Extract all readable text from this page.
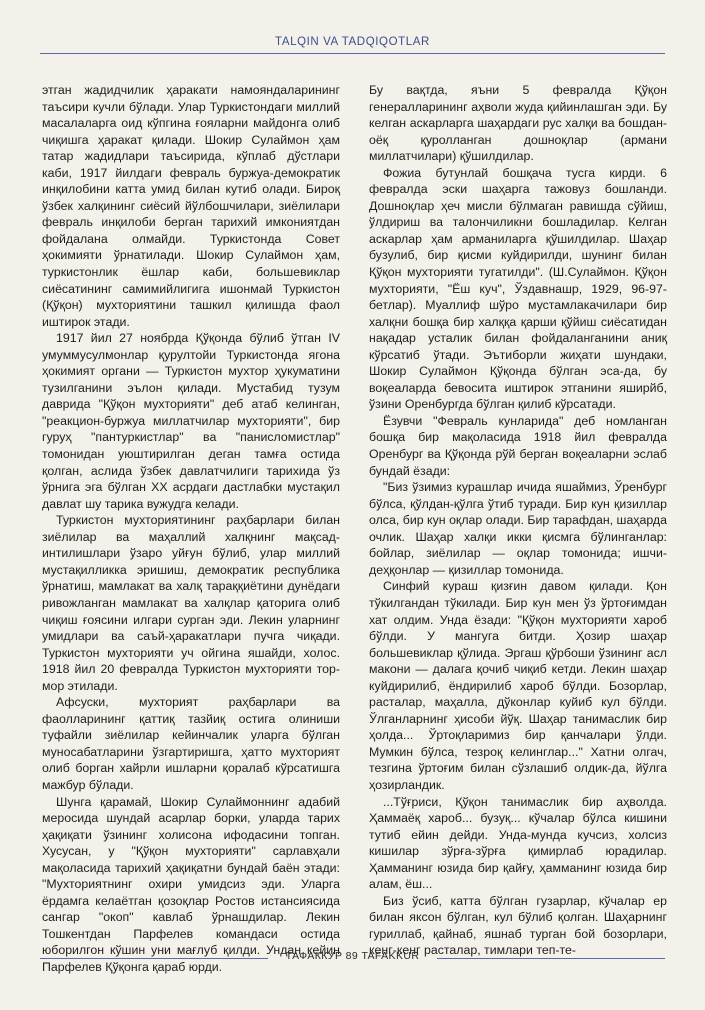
TALQIN VA TADQIQOTLAR

этган жадидчилик ҳаракати намояндаларининг таъсири кучли бўлади. Улар Туркистондаги миллий масалаларга оид кўпгина ғояларни майдонга олиб чиқишга ҳаракат қилади. Шокир Сулаймон ҳам татар жадидлари таъсирида, кўплаб дўстлари каби, 1917 йилдаги февраль буржуа-демократик инқилобини катта умид билан кутиб олади. Бироқ ўзбек халқининг сиёсий йўлбошчилари, зиёлилари февраль инқилоби берган тарихий имкониятдан фойдалана олмайди. Туркистонда Совет ҳокимияти ўрнатилади. Шокир Сулаймон ҳам, туркистонлик ёшлар каби, большевиклар сиёсатининг самимийлигига ишонмай Туркистон (Қўқон) мухториятини ташкил қилишда фаол иштирок этади.

1917 йил 27 ноябрда Қўқонда бўлиб ўтган IV умуммусулмонлар қурултойи Туркистонда ягона ҳокимият органи — Туркистон мухтор ҳукуматини тузилганини эълон қилади. Мустабид тузум даврида "Қўқон мухторияти" деб атаб келинган, "реакцион-буржуа миллатчилар мухторияти", бир гуруҳ "пантуркистлар" ва "панисломистлар" томонидан уюштирилган деган тамға остида қолган, аслида ўзбек давлатчилиги тарихида ўз ўрнига эга бўлган XX асрдаги дастлабки мустақил давлат шу тарика вужудга келади.

Туркистон мухториятининг раҳбарлари билан зиёлилар ва маҳаллий халқнинг мақсад-интилишлари ўзаро уйғун бўлиб, улар миллий мустақилликка эришиш, демократик республика ўрнатиш, мамлакат ва халқ тараққиётини дунёдаги ривожланган мамлакат ва халқлар қаторига олиб чиқиш ғоясини илгари сурган эди. Лекин уларнинг умидлари ва саъй-ҳаракатлари пучга чиқади. Туркистон мухторияти уч ойгина яшайди, холос. 1918 йил 20 февралда Туркистон мухторияти тор-мор этилади.

Афсуски, мухторият раҳбарлари ва фаолларининг қаттиқ тазйиқ остига олиниши туфайли зиёлилар кейинчалик уларга бўлган муносабатларини ўзгартиришга, ҳатто мухторият олиб борган хайрли ишларни қоралаб кўрсатишга мажбур бўлади.

Шунга қарамай, Шокир Сулаймоннинг адабий меросида шундай асарлар борки, уларда тарих ҳақиқати ўзининг холисона ифодасини топган. Хусусан, у "Қўқон мухторияти" сарлавҳали мақоласида тарихий ҳақиқатни бундай баён этади: "Мухториятнинг охири умидсиз эди. Уларга ёрдамга келаётган қозоқлар Ростов истансиясида сангар "окоп" кавлаб ўрнашдилар. Лекин Тошкентдан Парфелев командаси остида юборилгон кўшин уни мағлуб қилди. Ундан кейин Парфелев Қўқонга қараб юрди.

Бу вақтда, яъни 5 февралда Қўқон генералларининг аҳволи жуда қийинлашган эди. Бу келган аскарларга шаҳардаги рус халқи ва бошдан-оёқ қуролланган дошноқлар (армани миллатчилари) қўшилдилар.

Фожиа бутунлай бошқача тусга кирди. 6 февралда эски шаҳарга тажовуз бошланди. Дошноқлар ҳеч мисли бўлмаган равишда сўйиш, ўлдириш ва талончиликни бошладилар. Келган аскарлар ҳам арманиларга қўшилдилар. Шаҳар бузулиб, бир қисми куйдирилди, шунинг билан Қўқон мухторияти тугатилди". (Ш.Сулаймон. Қўқон мухторияти, "Ёш куч", Ўздавнашр, 1929, 96-97-бетлар). Муаллиф шўро мустамлакачилари бир халқни бошқа бир халққа қарши қўйиш сиёсатидан нақадар усталик билан фойдаланганини аниқ кўрсатиб ўтади. Эътиборли жиҳати шундаки, Шокир Сулаймон Қўқонда бўлган эса-да, бу воқеаларда бевосита иштирок этганини яширйб, ўзини Оренбургда бўлган қилиб кўрсатади.

Ёзувчи "Февраль кунларида" деб номланган бошқа бир мақоласида 1918 йил февралда Оренбург ва Қўқонда рўй берган воқеаларни эслаб бундай ёзади:

"Биз ўзимиз курашлар ичида яшаймиз, Ўренбург бўлса, қўлдан-қўлга ўтиб туради. Бир кун қизиллар олса, бир кун оқлар олади. Бир тарафдан, шаҳарда очлик. Шаҳар халқи икки қисмга бўлинганлар: бойлар, зиёлилар — оқлар томонида; ишчи-деҳқонлар — қизиллар томонида.

Синфий кураш қизғин давом қилади. Қон тўкилгандан тўкилади. Бир кун мен ўз ўртоғимдан хат олдим. Унда ёзади: "Қўқон мухторияти хароб бўлди. У мангуга битди. Ҳозир шаҳар большевиклар қўлида. Эргаш қўрбоши ўзининг асл макони — далага қочиб чиқиб кетди. Лекин шаҳар куйдирилиб, ёндирилиб хароб бўлди. Бозорлар, расталар, маҳалла, дўконлар куйиб кул бўлди. Ўлганларнинг ҳисоби йўқ. Шаҳар танимаслик бир ҳолда... Ўртоқларимиз бир қанчалари ўлди. Мумкин бўлса, тезроқ келинглар..." Хатни олгач, тезгина ўртоғим билан сўзлашиб олдик-да, йўлга ҳозирландик.

...Тўғриси, Қўқон танимаслик бир аҳволда. Ҳаммаёқ хароб... бузуқ... кўчалар бўлса кишини тутиб ейин дейди. Унда-мунда кучсиз, холсиз кишилар зўрға-зўрға қимирлаб юрадилар. Ҳамманинг юзида бир қайғу, ҳамманинг юзида бир алам, ёш...

Биз ўсиб, катта бўлган гузарлар, кўчалар ер билан яксон бўлган, кул бўлиб қолган. Шаҳарнинг гуриллаб, қайнаб, яшнаб турган бой бозорлари, кенг-кенг расталар, тимлари теп-те-

ТАФАККУР 89 TAFAKKUR
